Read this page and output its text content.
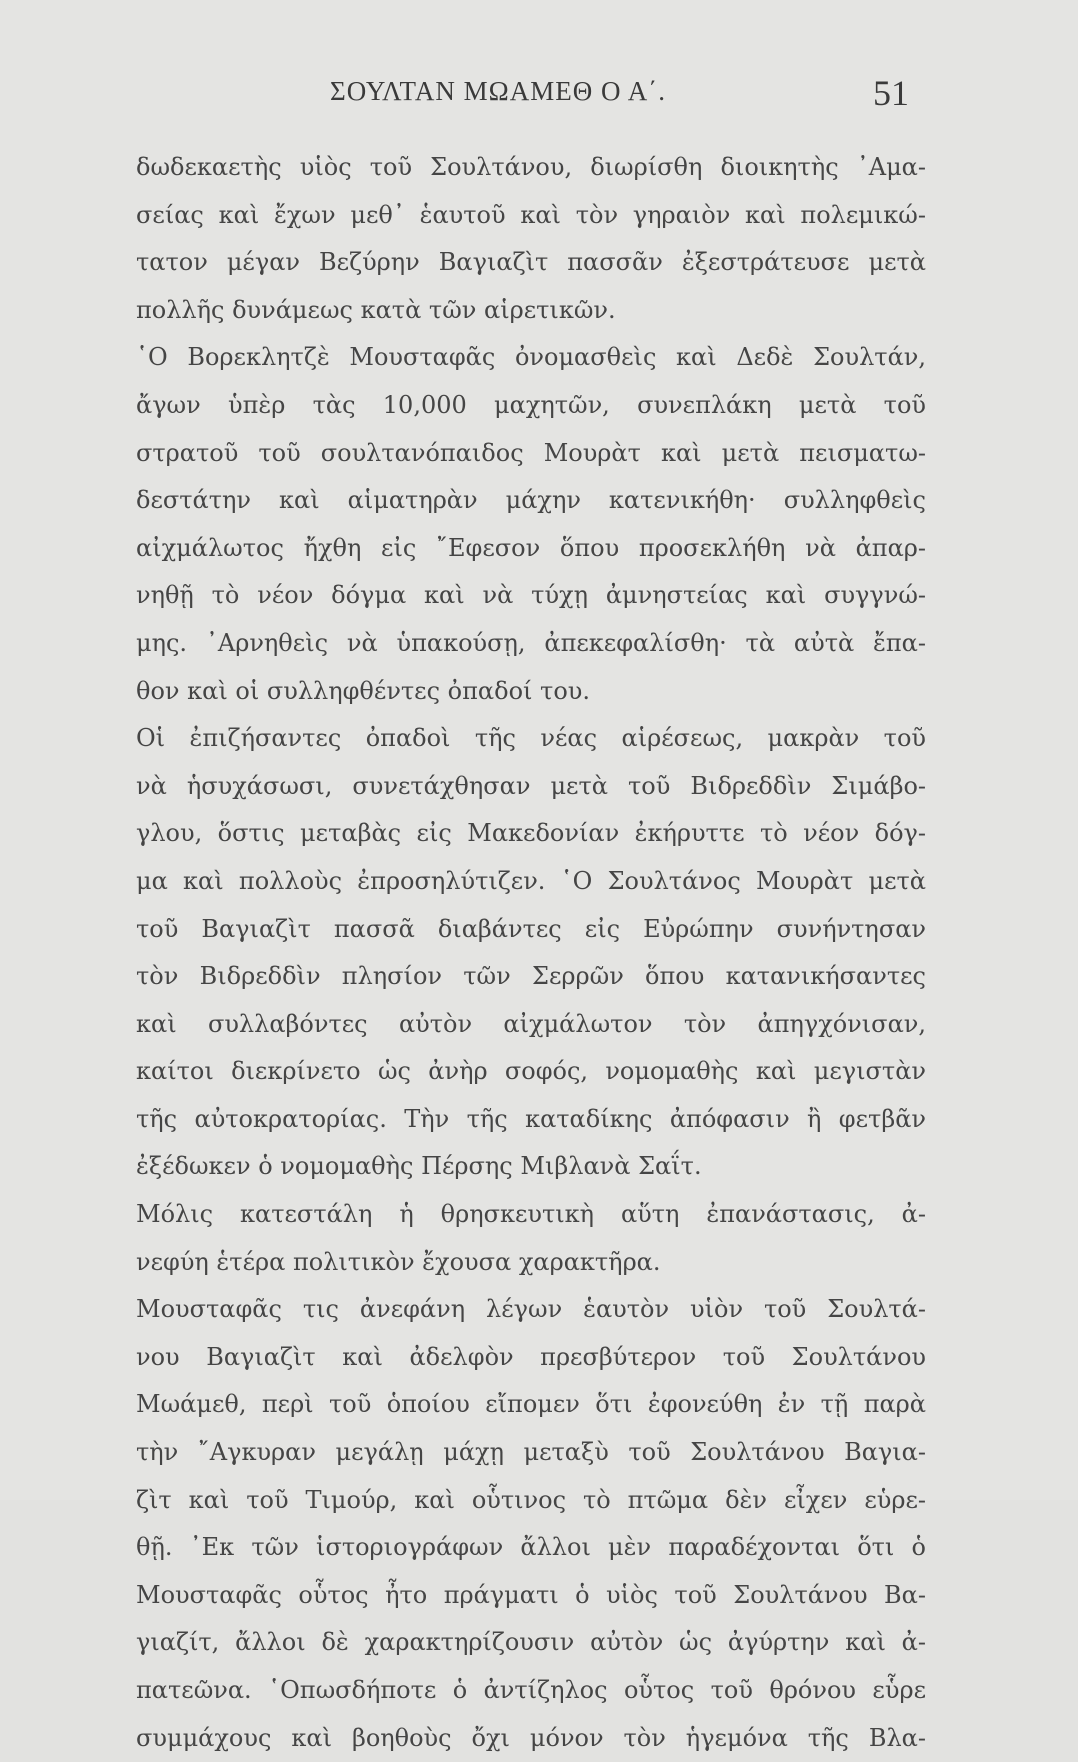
ΣΟΥΛΤΑΝ ΜΩΑΜΕΘ Ο Α΄.	51
δωδεκαετὴς υἱὸς τοῦ Σουλτάνου, διωρίσθη διοικητὴς ᾽Αμα-
σείας καὶ ἔχων μεθ᾽ ἑαυτοῦ καὶ τὸν γηραιὸν καὶ πολεμικώ-
τατον μέγαν Βεζύρην Βαγιαζὶτ πασσᾶν ἐξεστράτευσε μετὰ
πολλῆς δυνάμεως κατὰ τῶν αἱρετικῶν.
῾Ο Βορεκλητζὲ Μουσταφᾶς ὀνομασθεὶς καὶ Δεδὲ Σουλτάν,
ἄγων ὑπὲρ τὰς 10,000 μαχητῶν, συνεπλάκη μετὰ τοῦ
στρατοῦ τοῦ σουλτανόπαιδος Μουρὰτ καὶ μετὰ πεισματω-
δεστάτην καὶ αἱματηρὰν μάχην κατενικήθη· συλληφθεὶς
αἰχμάλωτος ἤχθη εἰς ῎Εφεσον ὅπου προσεκλήθη νὰ ἀπαρ-
νηθῇ τὸ νέον δόγμα καὶ νὰ τύχῃ ἀμνηστείας καὶ συγγνώ-
μης. ᾽Αρνηθεὶς νὰ ὑπακούσῃ, ἀπεκεφαλίσθη· τὰ αὐτὰ ἔπα-
θον καὶ οἱ συλληφθέντες ὀπαδοί του.
Οἱ ἐπιζήσαντες ὀπαδοὶ τῆς νέας αἱρέσεως, μακρὰν τοῦ
νὰ ἡσυχάσωσι, συνετάχθησαν μετὰ τοῦ Βιδρεδδὶν Σιμάβο-
γλου, ὅστις μεταβὰς εἰς Μακεδονίαν ἐκήρυττε τὸ νέον δόγ-
μα καὶ πολλοὺς ἐπροσηλύτιζεν. ῾Ο Σουλτάνος Μουρὰτ μετὰ
τοῦ Βαγιαζὶτ πασσᾶ διαβάντες εἰς Εὐρώπην συνήντησαν
τὸν Βιδρεδδὶν πλησίον τῶν Σερρῶν ὅπου κατανικήσαντες
καὶ συλλαβόντες αὐτὸν αἰχμάλωτον τὸν ἀπηγχόνισαν,
καίτοι διεκρίνετο ὡς ἀνὴρ σοφός, νομομαθὴς καὶ μεγιστὰν
τῆς αὐτοκρατορίας. Τὴν τῆς καταδίκης ἀπόφασιν ἢ φετβᾶν
ἐξέδωκεν ὁ νομομαθὴς Πέρσης Μιβλανὰ Σαΐτ.
Μόλις κατεστάλη ἡ θρησκευτικὴ αὕτη ἐπανάστασις, ἀ-
νεφύη ἑτέρα πολιτικὸν ἔχουσα χαρακτῆρα.
Μουσταφᾶς τις ἀνεφάνη λέγων ἑαυτὸν υἱὸν τοῦ Σουλτά-
νου Βαγιαζὶτ καὶ ἀδελφὸν πρεσβύτερον τοῦ Σουλτάνου
Μωάμεθ, περὶ τοῦ ὁποίου εἴπομεν ὅτι ἐφονεύθη ἐν τῇ παρὰ
τὴν ῎Αγκυραν μεγάλῃ μάχῃ μεταξὺ τοῦ Σουλτάνου Βαγια-
ζὶτ καὶ τοῦ Τιμούρ, καὶ οὗτινος τὸ πτῶμα δὲν εἶχεν εὑρε-
θῇ. ᾽Εκ τῶν ἱστοριογράφων ἄλλοι μὲν παραδέχονται ὅτι ὁ
Μουσταφᾶς οὗτος ἦτο πράγματι ὁ υἱὸς τοῦ Σουλτάνου Βα-
γιαζίτ, ἄλλοι δὲ χαρακτηρίζουσιν αὐτὸν ὡς ἀγύρτην καὶ ἀ-
πατεῶνα. ῾Οπωσδήποτε ὁ ἀντίζηλος οὗτος τοῦ θρόνου εὗρε
συμμάχους καὶ βοηθοὺς ὄχι μόνον τὸν ἡγεμόνα τῆς Βλα-
